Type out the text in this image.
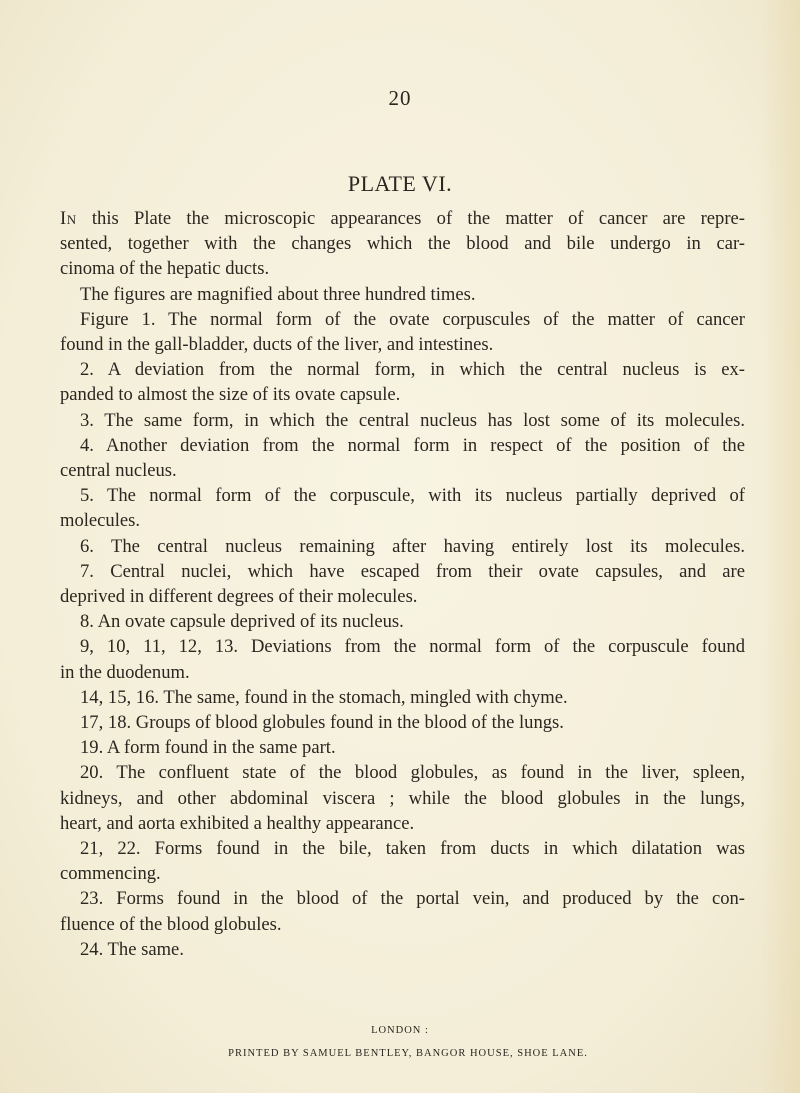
20
PLATE VI.
In this Plate the microscopic appearances of the matter of cancer are repre-
sented, together with the changes which the blood and bile undergo in car-
cinoma of the hepatic ducts.
The figures are magnified about three hundred times.
Figure 1. The normal form of the ovate corpuscules of the matter of cancer
found in the gall-bladder, ducts of the liver, and intestines.
2. A deviation from the normal form, in which the central nucleus is ex-
panded to almost the size of its ovate capsule.
3. The same form, in which the central nucleus has lost some of its molecules.
4. Another deviation from the normal form in respect of the position of the
central nucleus.
5. The normal form of the corpuscule, with its nucleus partially deprived of
molecules.
6. The central nucleus remaining after having entirely lost its molecules.
7. Central nuclei, which have escaped from their ovate capsules, and are
deprived in different degrees of their molecules.
8. An ovate capsule deprived of its nucleus.
9, 10, 11, 12, 13. Deviations from the normal form of the corpuscule found
in the duodenum.
14, 15, 16. The same, found in the stomach, mingled with chyme.
17, 18. Groups of blood globules found in the blood of the lungs.
19. A form found in the same part.
20. The confluent state of the blood globules, as found in the liver, spleen,
kidneys, and other abdominal viscera ; while the blood globules in the lungs,
heart, and aorta exhibited a healthy appearance.
21, 22. Forms found in the bile, taken from ducts in which dilatation was
commencing.
23. Forms found in the blood of the portal vein, and produced by the con-
fluence of the blood globules.
24. The same.
LONDON :
PRINTED BY SAMUEL BENTLEY, BANGOR HOUSE, SHOE LANE.
